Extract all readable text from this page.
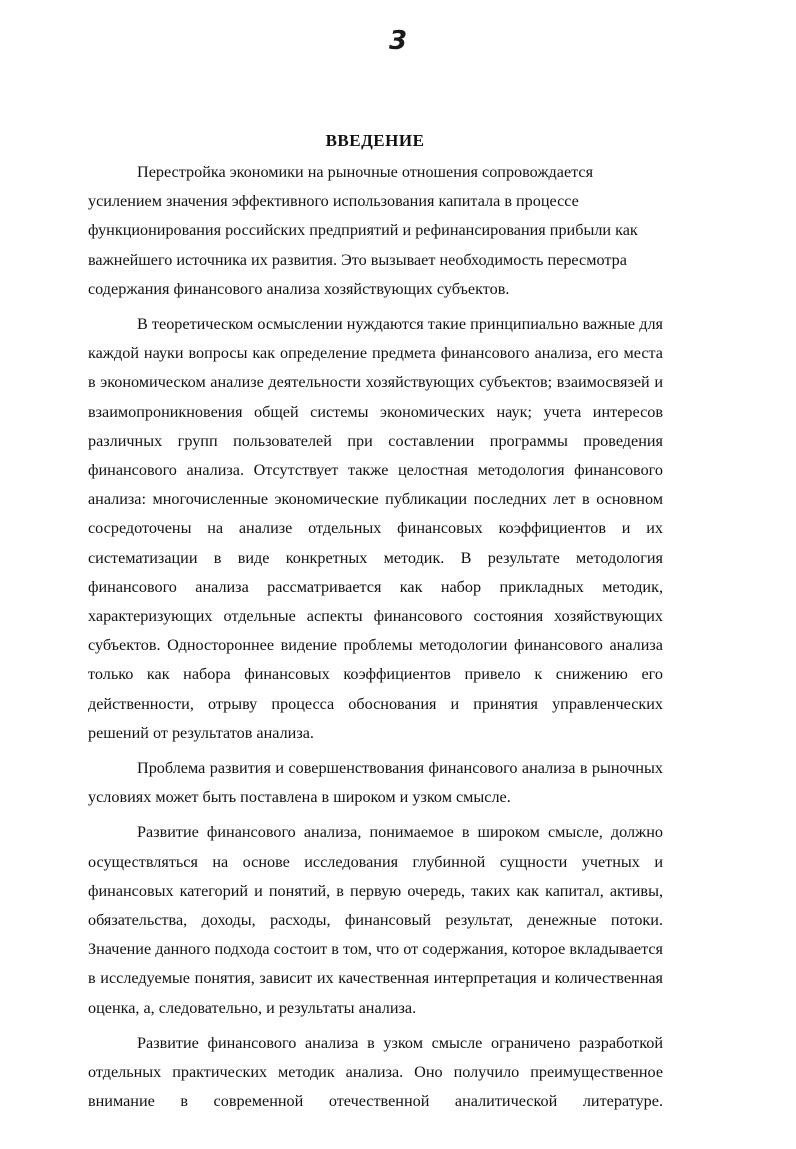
3
ВВЕДЕНИЕ

Перестройка экономики на рыночные отношения сопровождается усилением значения эффективного использования капитала в процессе функционирования российских предприятий и рефинансирования прибыли как важнейшего источника их развития. Это вызывает необходимость пересмотра содержания финансового анализа хозяйствующих субъектов.

В теоретическом осмыслении нуждаются такие принципиально важные для каждой науки вопросы как определение предмета финансового анализа, его места в экономическом анализе деятельности хозяйствующих субъектов; взаимосвязей и взаимопроникновения общей системы экономических наук; учета интересов различных групп пользователей при составлении программы проведения финансового анализа. Отсутствует также целостная методология финансового анализа: многочисленные экономические публикации последних лет в основном сосредоточены на анализе отдельных финансовых коэффициентов и их систематизации в виде конкретных методик. В результате методология финансового анализа рассматривается как набор прикладных методик, характеризующих отдельные аспекты финансового состояния хозяйствующих субъектов. Одностороннее видение проблемы методологии финансового анализа только как набора финансовых коэффициентов привело к снижению его действенности, отрыву процесса обоснования и принятия управленческих решений от результатов анализа.

Проблема развития и совершенствования финансового анализа в рыночных условиях может быть поставлена в широком и узком смысле.

Развитие финансового анализа, понимаемое в широком смысле, должно осуществляться на основе исследования глубинной сущности учетных и финансовых категорий и понятий, в первую очередь, таких как капитал, активы, обязательства, доходы, расходы, финансовый результат, денежные потоки. Значение данного подхода состоит в том, что от содержания, которое вкладывается в исследуемые понятия, зависит их качественная интерпретация и количественная оценка, а, следовательно, и результаты анализа.

Развитие финансового анализа в узком смысле ограничено разработкой отдельных практических методик анализа. Оно получило преимущественное внимание в современной отечественной аналитической литературе.
